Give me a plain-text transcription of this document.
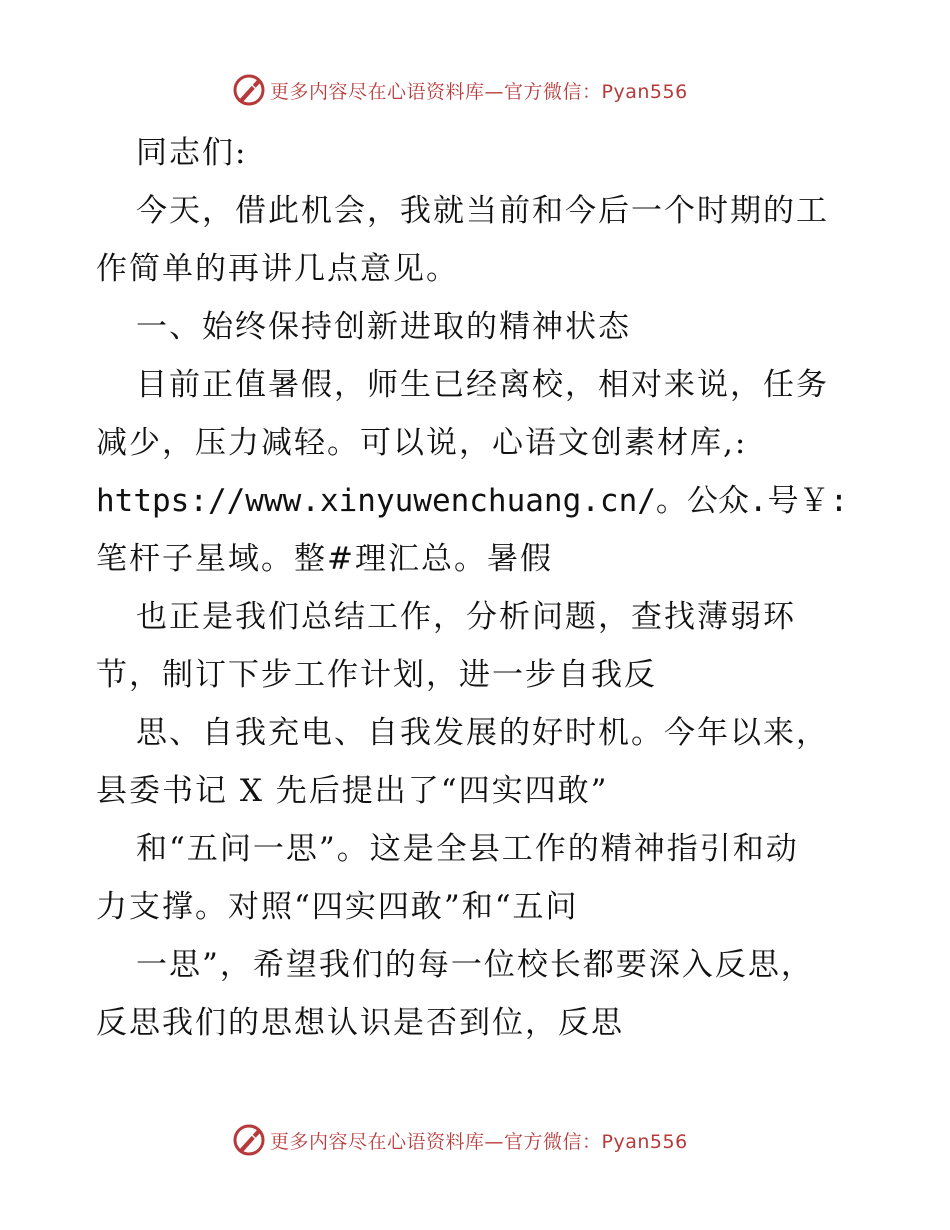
更多内容尽在心语资料库—官方微信：Pyan556
同志们:
今天，借此机会，我就当前和今后一个时期的工
作简单的再讲几点意见。
一、始终保持创新进取的精神状态
目前正值暑假，师生已经离校，相对来说，任务
减少，压力减轻。可以说，心语文创素材库,:
https://www.xinyuwenchuang.cn/。公众.号￥:
笔杆子星域。整#理汇总。暑假
也正是我们总结工作，分析问题，查找薄弱环
节，制订下步工作计划，进一步自我反
思、自我充电、自我发展的好时机。今年以来，
县委书记 X 先后提出了“四实四敢”
和“五问一思”。这是全县工作的精神指引和动
力支撑。对照“四实四敢”和“五问
一思”，希望我们的每一位校长都要深入反思，
反思我们的思想认识是否到位，反思
更多内容尽在心语资料库—官方微信：Pyan556
